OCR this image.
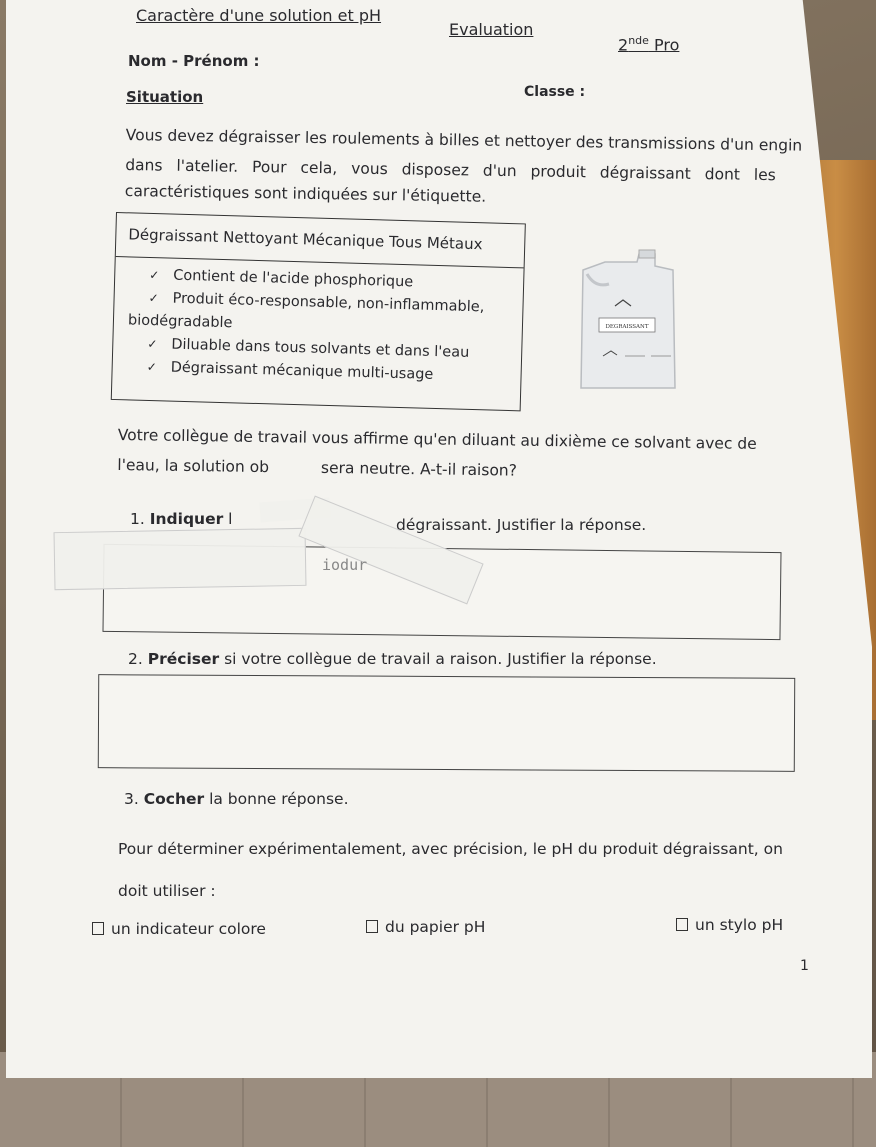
Caractère d'une solution et pH
Evaluation
2nde Pro
Nom - Prénom :
Classe :
Situation
Vous devez dégraisser les roulements à billes et nettoyer des transmissions d'un engin
dans l'atelier. Pour cela, vous disposez d'un produit dégraissant dont les
caractéristiques sont indiquées sur l'étiquette.
Dégraissant Nettoyant Mécanique Tous Métaux
✓ Contient de l'acide phosphorique
✓ Produit éco-responsable, non-inflammable,
biodégradable
✓ Diluable dans tous solvants et dans l'eau
✓ Dégraissant mécanique multi-usage
DEGRAISSANT
Votre collègue de travail vous affirme qu'en diluant au dixième ce solvant avec de
l'eau, la solution ob	sera neutre. A-t-il raison?
1. Indiquer l	dégraissant. Justifier la réponse.
iodur
2. Préciser si votre collègue de travail a raison. Justifier la réponse.
3. Cocher la bonne réponse.
Pour déterminer expérimentalement, avec précision, le pH du produit dégraissant, on
doit utiliser :
un indicateur colore	du papier pH	un stylo pH
1
